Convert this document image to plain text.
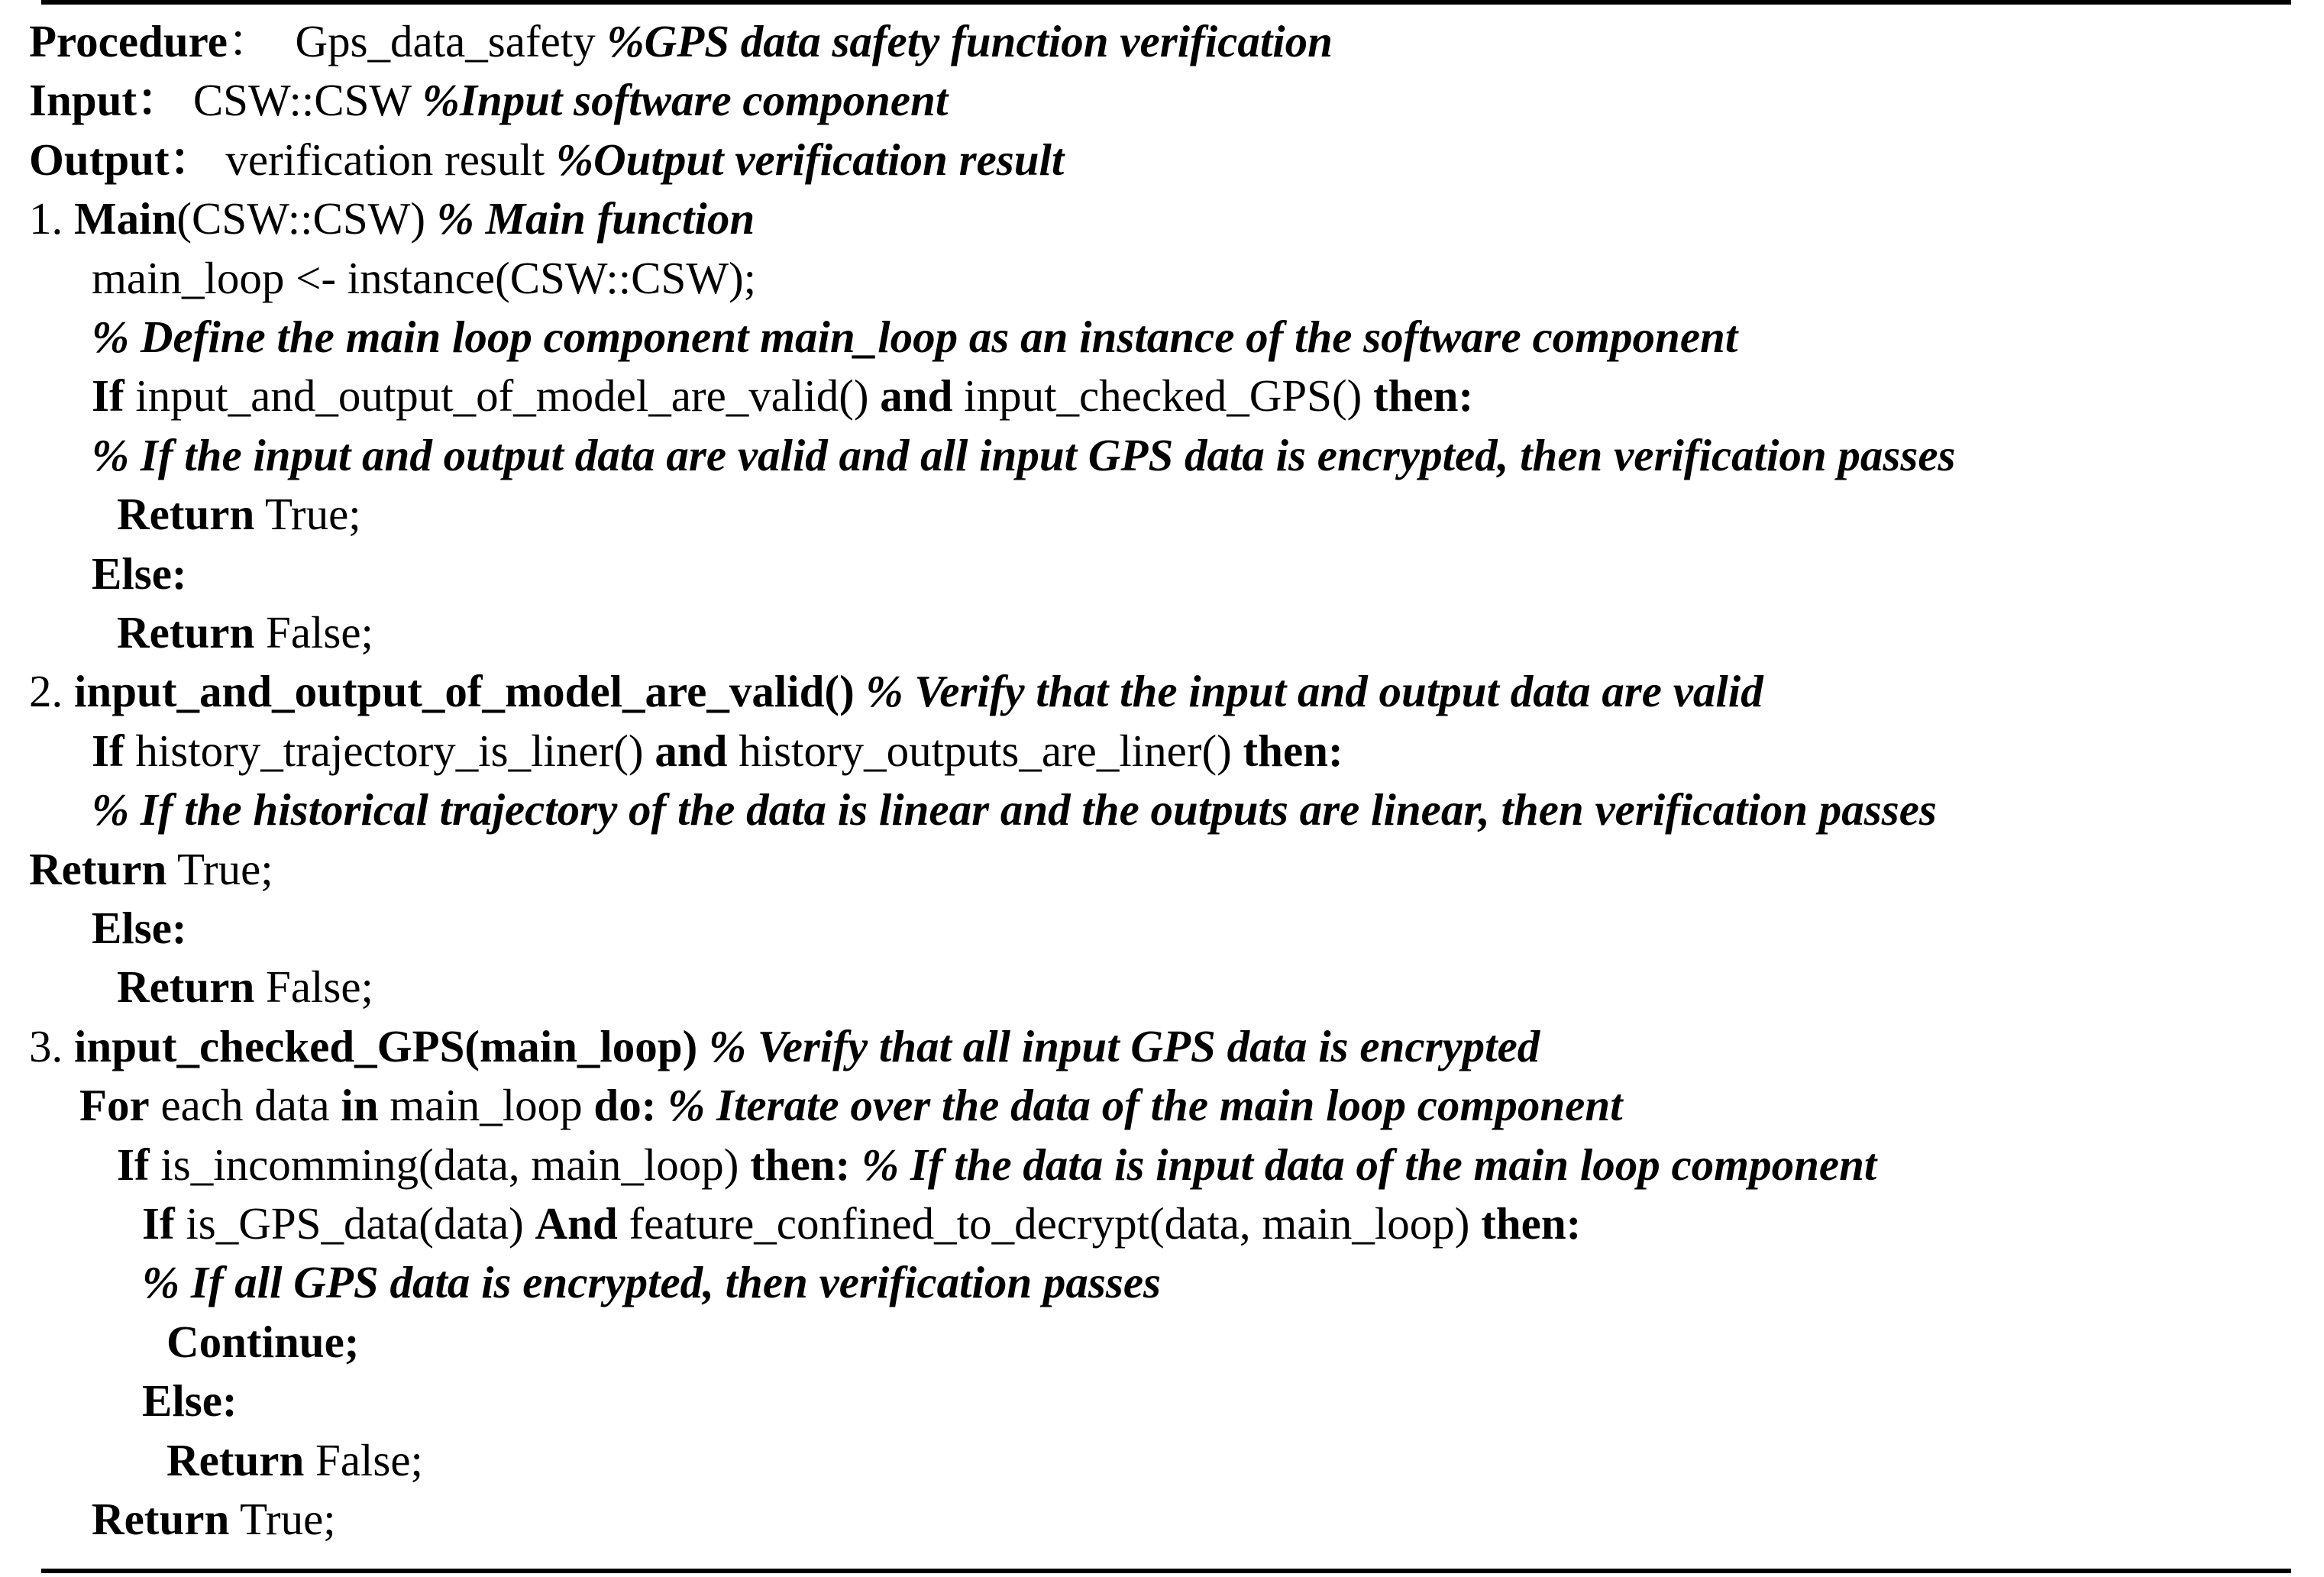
Procedure：  Gps_data_safety %GPS data safety function verification
Input： CSW::CSW %Input software component
Output： verification result %Output verification result
1. Main(CSW::CSW) % Main function
main_loop <- instance(CSW::CSW);
% Define the main loop component main_loop as an instance of the software component
If input_and_output_of_model_are_valid() and input_checked_GPS() then:
% If the input and output data are valid and all input GPS data is encrypted, then verification passes
Return True;
Else:
Return False;
2. input_and_output_of_model_are_valid() % Verify that the input and output data are valid
If history_trajectory_is_liner() and history_outputs_are_liner() then:
% If the historical trajectory of the data is linear and the outputs are linear, then verification passes
Return True;
Else:
Return False;
3. input_checked_GPS(main_loop) % Verify that all input GPS data is encrypted
For each data in main_loop do: % Iterate over the data of the main loop component
If is_incomming(data, main_loop) then: % If the data is input data of the main loop component
If is_GPS_data(data) And feature_confined_to_decrypt(data, main_loop) then:
% If all GPS data is encrypted, then verification passes
Continue;
Else:
Return False;
Return True;
